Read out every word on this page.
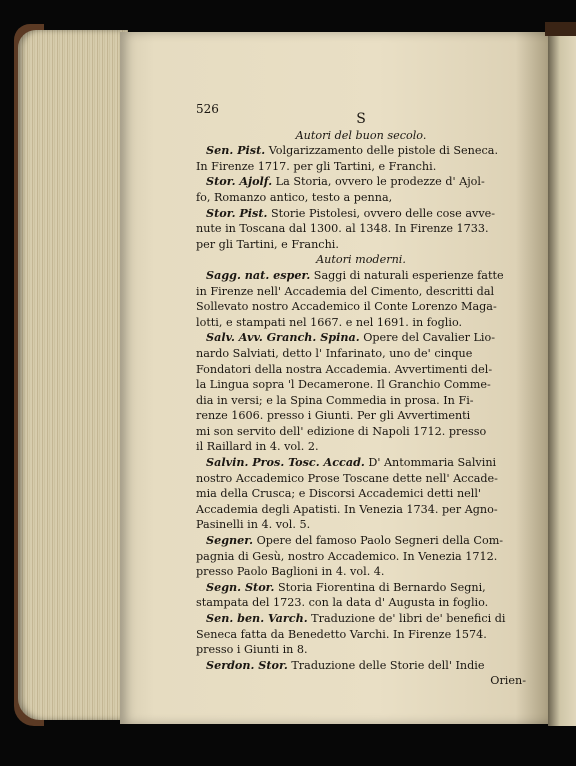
526
S
Autori del buon secolo.
Sen. Pist. Volgarizzamento delle pistole di Seneca.
In Firenze 1717. per gli Tartini, e Franchi.
Stor. Ajolf. La Storia, ovvero le prodezze d' Ajol-
fo, Romanzo antico, testo a penna,
Stor. Pist. Storie Pistolesi, ovvero delle cose avve-
nute in Toscana dal 1300. al 1348. In Firenze 1733.
per gli Tartini, e Franchi.
Autori moderni.
Sagg. nat. esper. Saggi di naturali esperienze fatte
in Firenze nell' Accademia del Cimento, descritti dal
Sollevato nostro Accademico il Conte Lorenzo Maga-
lotti, e stampati nel 1667. e nel 1691. in foglio.
Salv. Avv. Granch. Spina. Opere del Cavalier Lio-
nardo Salviati, detto l' Infarinato, uno de' cinque
Fondatori della nostra Accademia. Avvertimenti del-
la Lingua sopra 'l Decamerone. Il Granchio Comme-
dia in versi; e la Spina Commedia in prosa. In Fi-
renze 1606. presso i Giunti. Per gli Avvertimenti
mi son servito dell' edizione di Napoli 1712. presso
il Raillard in 4. vol. 2.
Salvin. Pros. Tosc. Accad. D' Antommaria Salvini
nostro Accademico Prose Toscane dette nell' Accade-
mia della Crusca; e Discorsi Accademici detti nell'
Accademia degli Apatisti. In Venezia 1734. per Agno-
Pasinelli in 4. vol. 5.
Segner. Opere del famoso Paolo Segneri della Com-
pagnia di Gesù, nostro Accademico. In Venezia 1712.
presso Paolo Baglioni in 4. vol. 4.
Segn. Stor. Storia Fiorentina di Bernardo Segni,
stampata del 1723. con la data d' Augusta in foglio.
Sen. ben. Varch. Traduzione de' libri de' benefici di
Seneca fatta da Benedetto Varchi. In Firenze 1574.
presso i Giunti in 8.
Serdon. Stor. Traduzione delle Storie dell' Indie
Orien-
